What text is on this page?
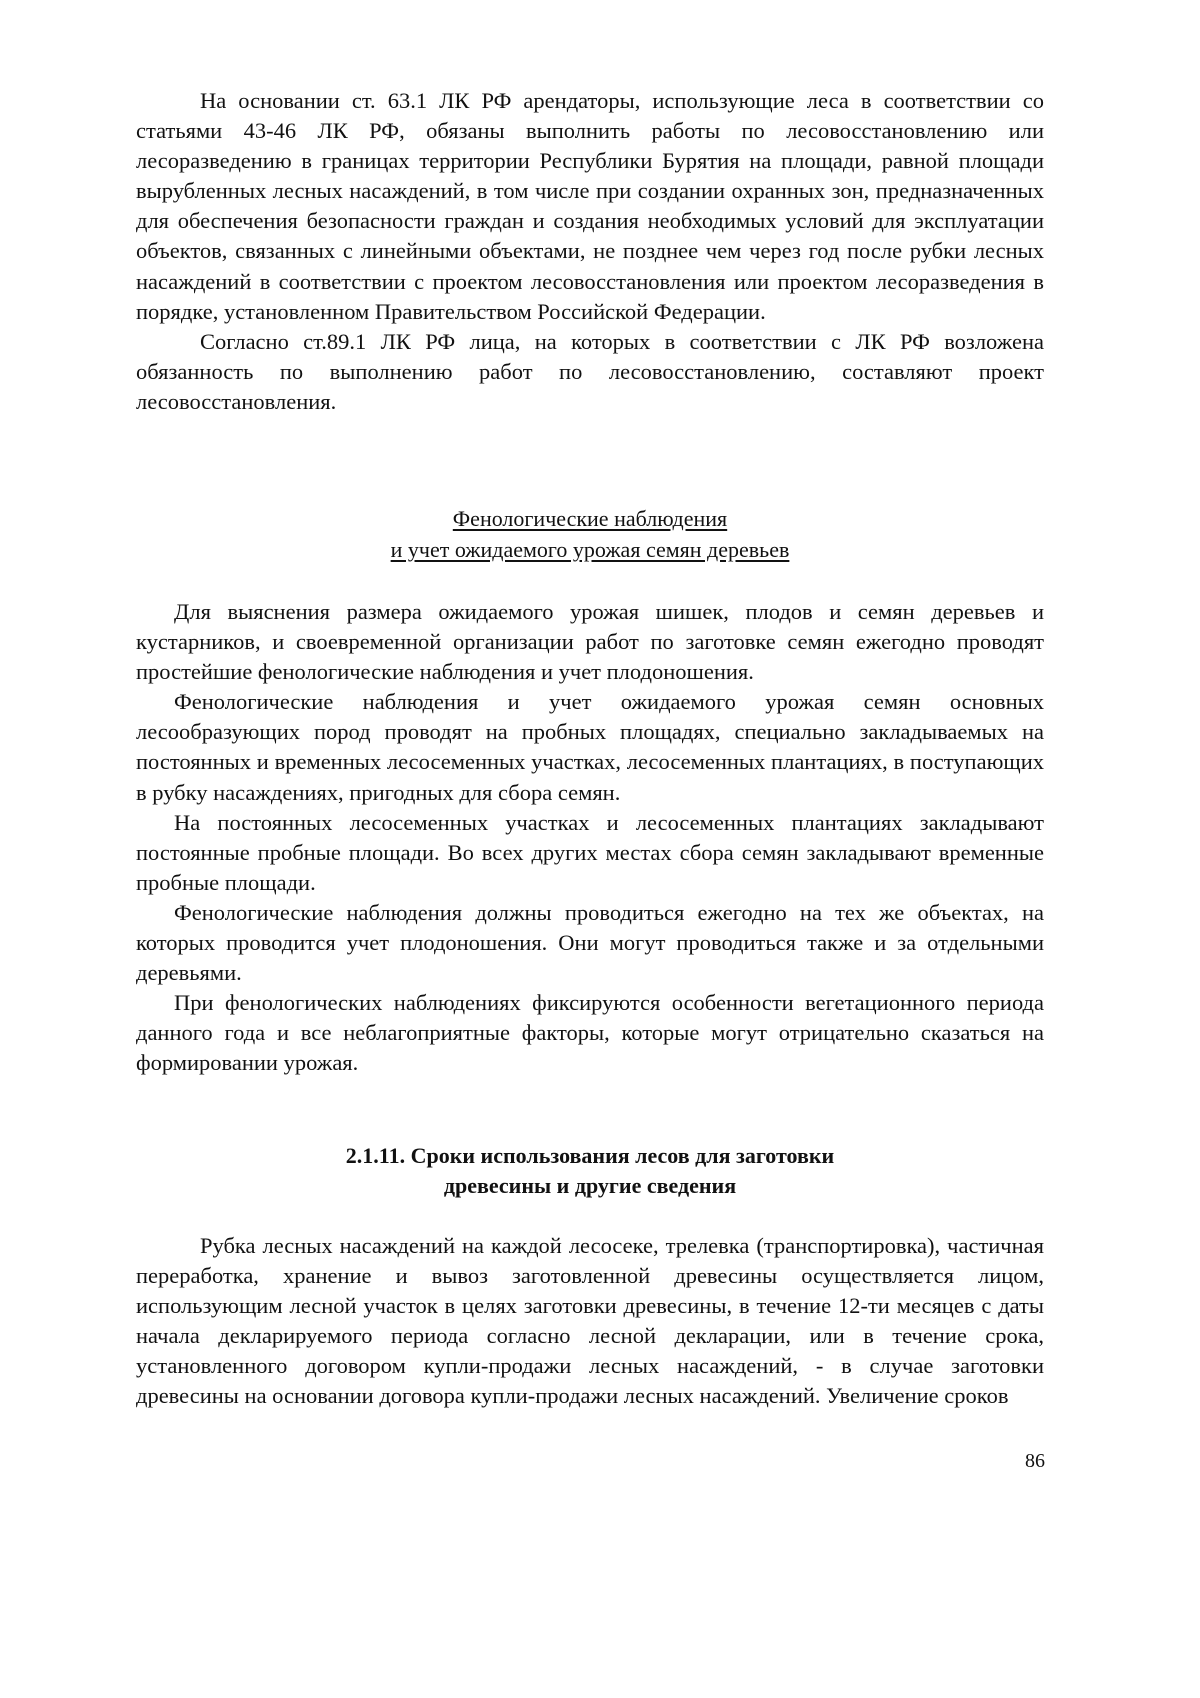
На основании ст. 63.1 ЛК РФ арендаторы, использующие леса в соответствии со статьями 43-46 ЛК РФ, обязаны выполнить работы по лесовосстановлению или лесоразведению в границах территории Республики Бурятия на площади, равной площади вырубленных лесных насаждений, в том числе при создании охранных зон, предназначенных для обеспечения безопасности граждан и создания необходимых условий для эксплуатации объектов, связанных с линейными объектами, не позднее чем через год после рубки лесных насаждений в соответствии с проектом лесовосстановления или проектом лесоразведения в порядке, установленном Правительством Российской Федерации.

Согласно ст.89.1 ЛК РФ лица, на которых в соответствии с ЛК РФ возложена обязанность по выполнению работ по лесовосстановлению, составляют проект лесовосстановления.

Фенологические наблюдения
и учет ожидаемого урожая семян деревьев

Для выяснения размера ожидаемого урожая шишек, плодов и семян деревьев и кустарников, и своевременной организации работ по заготовке семян ежегодно проводят простейшие фенологические наблюдения и учет плодоношения.

Фенологические наблюдения и учет ожидаемого урожая семян основных лесообразующих пород проводят на пробных площадях, специально закладываемых на постоянных и временных лесосеменных участках, лесосеменных плантациях, в поступающих в рубку насаждениях, пригодных для сбора семян.

На постоянных лесосеменных участках и лесосеменных плантациях закладывают постоянные пробные площади. Во всех других местах сбора семян закладывают временные пробные площади.

Фенологические наблюдения должны проводиться ежегодно на тех же объектах, на которых проводится учет плодоношения. Они могут проводиться также и за отдельными деревьями.

При фенологических наблюдениях фиксируются особенности вегетационного периода данного года и все неблагоприятные факторы, которые могут отрицательно сказаться на формировании урожая.

2.1.11. Сроки использования лесов для заготовки
древесины и другие сведения

Рубка лесных насаждений на каждой лесосеке, трелевка (транспортировка), частичная переработка, хранение и вывоз заготовленной древесины осуществляется лицом, использующим лесной участок в целях заготовки древесины, в течение 12-ти месяцев с даты начала декларируемого периода согласно лесной декларации, или в течение срока, установленного договором купли-продажи лесных насаждений, - в случае заготовки древесины на основании договора купли-продажи лесных насаждений. Увеличение сроков

86
